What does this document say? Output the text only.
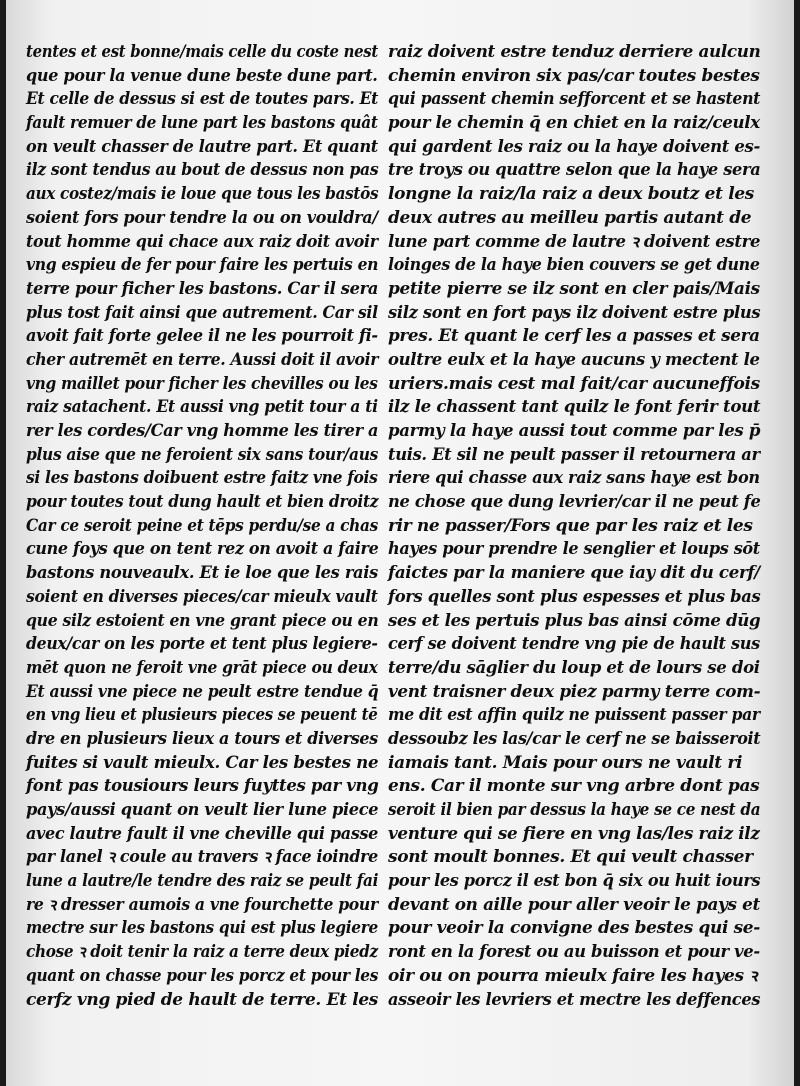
tentes et est bonne/mais celle du coste nest
que pour la venue dune beste dune part.
Et celle de dessus si est de toutes pars. Et
fault remuer de lune part les bastons quât
on veult chasser de lautre part. Et quant
ilz sont tendus au bout de dessus non pas
aux costez/mais ie loue que tous les bastōs
soient fors pour tendre la ou on vouldra/
tout homme qui chace aux raiz doit avoir
vng espieu de fer pour faire les pertuis en
terre pour ficher les bastons. Car il sera
plus tost fait ainsi que autrement. Car sil
avoit fait forte gelee il ne les pourroit fi-
cher autremēt en terre. Aussi doit il avoir
vng maillet pour ficher les chevilles ou les
raiz satachent. Et aussi vng petit tour a ti
rer les cordes/Car vng homme les tirer a
plus aise que ne feroient six sans tour/aus
si les bastons doibuent estre faitz vne fois
pour toutes tout dung hault et bien droitz
Car ce seroit peine et tēps perdu/se a chas
cune foys que on tent rez on avoit a faire
bastons nouveaulx. Et ie loe que les rais
soient en diverses pieces/car mieulx vault
que silz estoient en vne grant piece ou en
deux/car on les porte et tent plus legiere-
mēt quon ne feroit vne grāt piece ou deux
Et aussi vne piece ne peult estre tendue q̄
en vng lieu et plusieurs pieces se peuent tē
dre en plusieurs lieux a tours et diverses
fuites si vault mieulx. Car les bestes ne
font pas tousiours leurs fuyttes par vng
pays/aussi quant on veult lier lune piece
avec lautre fault il vne cheville qui passe
par lanel ꝛ coule au travers ꝛ face ioindre
lune a lautre/le tendre des raiz se peult fai
re ꝛ dresser aumois a vne fourchette pour
mectre sur les bastons qui est plus legiere
chose ꝛ doit tenir la raiz a terre deux piedz
quant on chasse pour les porcz et pour les
cerfz vng pied de hault de terre. Et les
raiz doivent estre tenduz derriere aulcun
chemin environ six pas/car toutes bestes
qui passent chemin sefforcent et se hastent
pour le chemin q̄ en chiet en la raiz/ceulx
qui gardent les raiz ou la haye doivent es-
tre troys ou quattre selon que la haye sera
longne la raiz/la raiz a deux boutz et les
deux autres au meilleu partis autant de
lune part comme de lautre ꝛ doivent estre
loinges de la haye bien couvers se get dune
petite pierre se ilz sont en cler pais/Mais
silz sont en fort pays ilz doivent estre plus
pres. Et quant le cerf les a passes et sera
oultre eulx et la haye aucuns y mectent le
uriers.mais cest mal fait/car aucuneffois
ilz le chassent tant quilz le font ferir tout
parmy la haye aussi tout comme par les p̄
tuis. Et sil ne peult passer il retournera ar
riere qui chasse aux raiz sans haye est bon
ne chose que dung levrier/car il ne peut fe
rir ne passer/Fors que par les raiz et les
hayes pour prendre le senglier et loups sōt
faictes par la maniere que iay dit du cerf/
fors quelles sont plus espesses et plus bas
ses et les pertuis plus bas ainsi cōme dūg
cerf se doivent tendre vng pie de hault sus
terre/du sāglier du loup et de lours se doi
vent traisner deux piez parmy terre com-
me dit est affin quilz ne puissent passer par
dessoubz les las/car le cerf ne se baisseroit
iamais tant. Mais pour ours ne vault ri
ens. Car il monte sur vng arbre dont pas
seroit il bien par dessus la haye se ce nest da
venture qui se fiere en vng las/les raiz ilz
sont moult bonnes. Et qui veult chasser
pour les porcz il est bon q̄ six ou huit iours
devant on aille pour aller veoir le pays et
pour veoir la convigne des bestes qui se-
ront en la forest ou au buisson et pour ve-
oir ou on pourra mieulx faire les hayes ꝛ
asseoir les levriers et mectre les deffences
